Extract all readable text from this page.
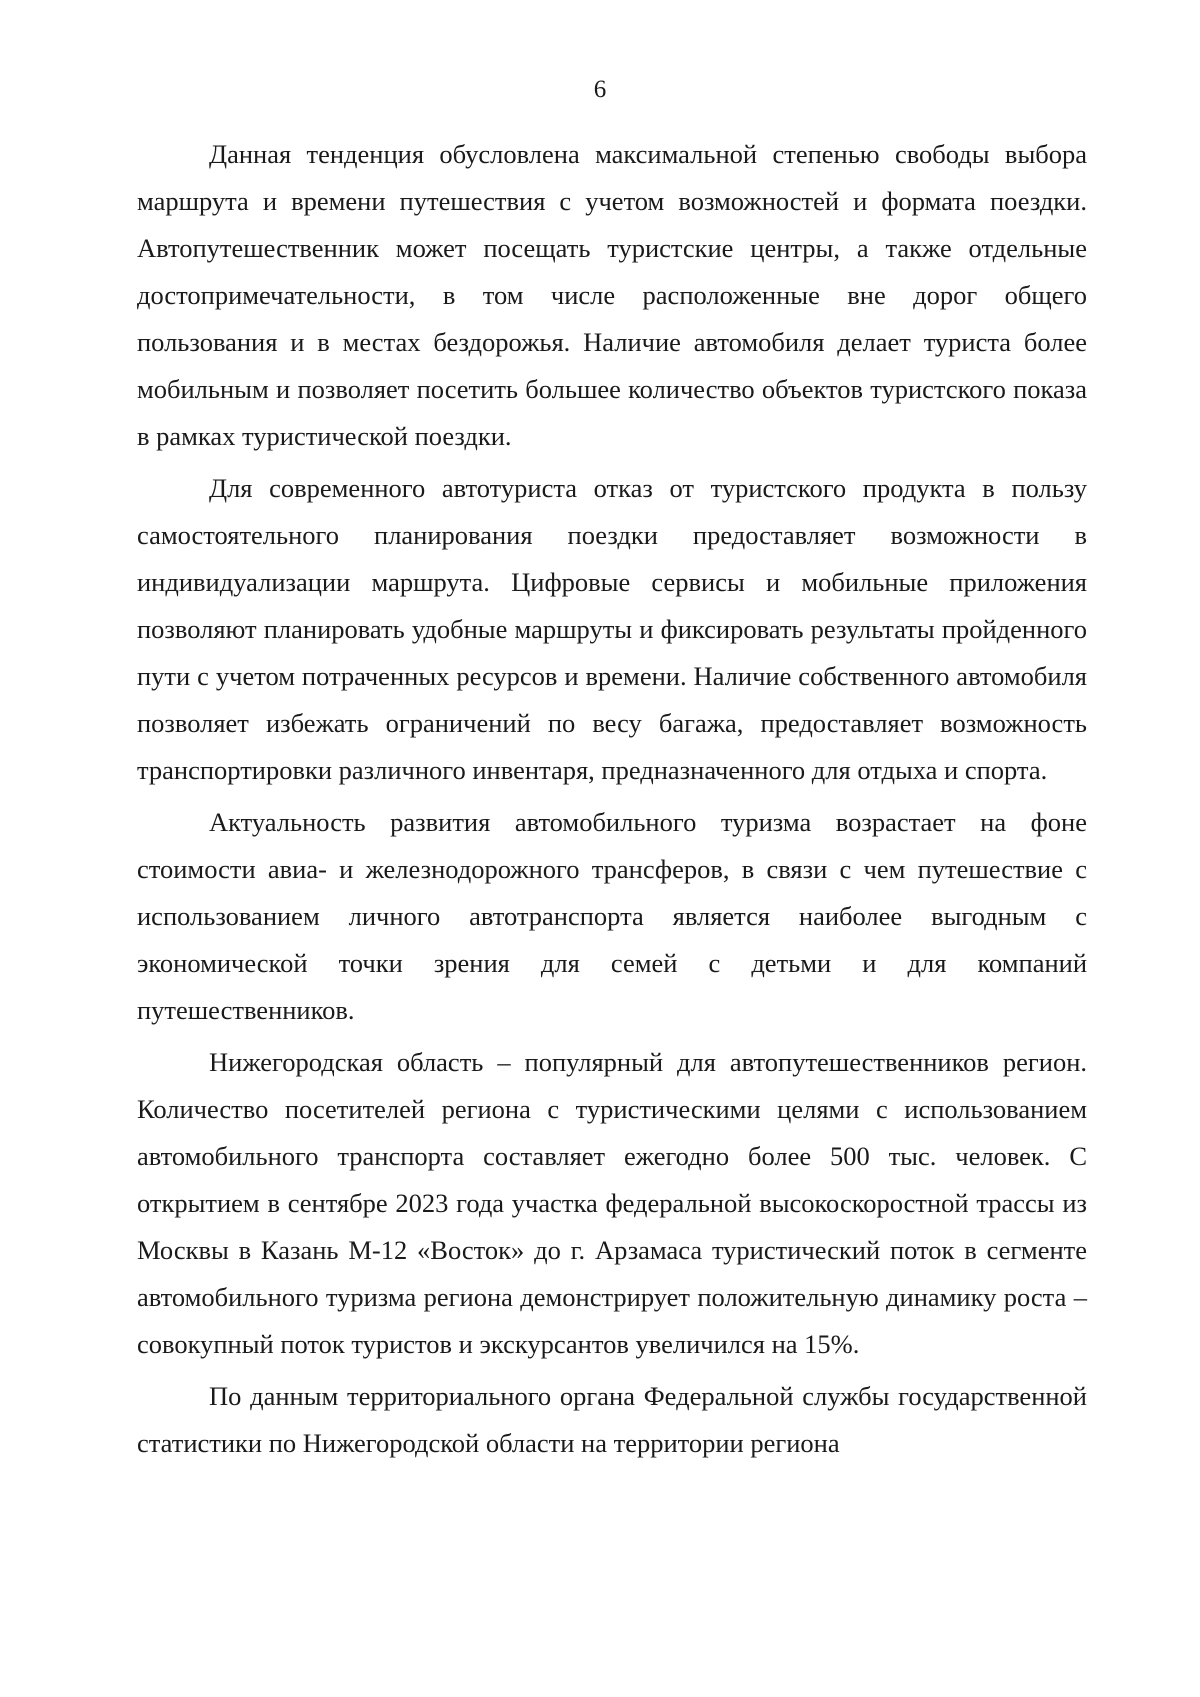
6

Данная тенденция обусловлена максимальной степенью свободы выбора маршрута и времени путешествия с учетом возможностей и формата поездки. Автопутешественник может посещать туристские центры, а также отдельные достопримечательности, в том числе расположенные вне дорог общего пользования и в местах бездорожья. Наличие автомобиля делает туриста более мобильным и позволяет посетить большее количество объектов туристского показа в рамках туристической поездки.

Для современного автотуриста отказ от туристского продукта в пользу самостоятельного планирования поездки предоставляет возможности в индивидуализации маршрута. Цифровые сервисы и мобильные приложения позволяют планировать удобные маршруты и фиксировать результаты пройденного пути с учетом потраченных ресурсов и времени. Наличие собственного автомобиля позволяет избежать ограничений по весу багажа, предоставляет возможность транспортировки различного инвентаря, предназначенного для отдыха и спорта.

Актуальность развития автомобильного туризма возрастает на фоне стоимости авиа- и железнодорожного трансферов, в связи с чем путешествие с использованием личного автотранспорта является наиболее выгодным с экономической точки зрения для семей с детьми и для компаний путешественников.

Нижегородская область – популярный для автопутешественников регион. Количество посетителей региона с туристическими целями с использованием автомобильного транспорта составляет ежегодно более 500 тыс. человек. С открытием в сентябре 2023 года участка федеральной высокоскоростной трассы из Москвы в Казань М-12 «Восток» до г. Арзамаса туристический поток в сегменте автомобильного туризма региона демонстрирует положительную динамику роста – совокупный поток туристов и экскурсантов увеличился на 15%.

По данным территориального органа Федеральной службы государственной статистики по Нижегородской области на территории региона
